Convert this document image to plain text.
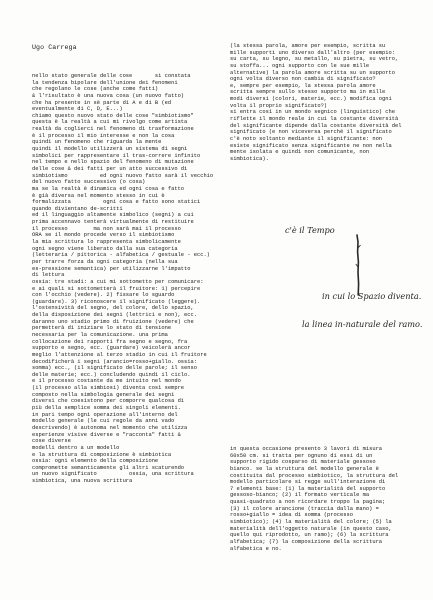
Ugo Carrega
nello stato generale delle cose       si constata
la tendenza bipolare dell'unione dei fenomeni
che regolano le cose (anche come fatti)
& l'risultato è una nuova cosa (un nuovo fatto)
che ha presente in sè parte di A e di B (ed
eventualmente di C, D, E...)
chiamo questo nuovo stato delle cose "simbiotismo"
questa è la realtà a cui mi rivolgo come artista
realtà da coglierci nel fenomeno di trasformazione
è il processo il mio interesse e non la cosa
quindi un fenomeno che riguarda la mente
quindi il modello utilizzerà un sistema di segni
simbolici per rappresentare il tras-correre infinito
nel tempo e nello spazio del fenomeno di mutazione
delle cose & dei fatti per un atto successivo di
simbiotismo          ed ogni nuovo fatto sarà il vecchio
del nuovo fatto successivo (o cosa)
ma se la realtà è dinamica ed ogni cosa e fatto
è già diversa nel momento stesso in cui è
formalizzata          ogni cosa e fatto sono statici
quando divientano de-scritti
ed il linguaggio altamente simbolico (segni) a cui
prima accennavo tenterà virtualmente di restituire
il processo        ma non sarà mai il processo
ORA se il mondo procede verso il simbiotismo
la mia scrittura lo rappresenta simbolicamente
ogni segno viene liberato dalla sua categoria
(letteraria / pittorica - alfabetica / gestuale - ecc.)
per trarre forza da ogni categoria (nella sua
es-pressione semantica) per utilizzarne l'impatto
di lettura
ossia: tre stadi: a cui mi sottometto per comunicare:
e ai quali si sottometterà il fruitore: 1) percepire
con l'occhio (vedere). 2) fissare lo sguardo
(guardare). 3) riconoscere il significato (leggere).
l'ostensività del segno, del colore, dello spazio,
della disposizione dei segni (lettrici e non), ecc.
daranno uno stadio primo di fruizione (vedere) che
permetterà di iniziare lo stato di tensione
necessaria per la comunicazione. una prima
collocazione dei rapporti fra segno e segno, fra
supporto e segno, ecc. (guardare) veicolerà ancor
meglio l'attenzione al terzo stadio in cui il fruitore
decodificherà i segni (arancio=rosso+giallo. ossia:
somma) ecc., (il significato delle parole; il senso
delle materie; ecc.) concludendo quindi il ciclo.
e il processo costante da me intuito nel mondo
(il processo alla simbiosi) diventa così sempre
composto nella simbologia generale dei segni
diversi che coesistono per comporre qualcosa di
più della semplice somma dei singoli elementi.
in pari tempo ogni operazione all'interno del
modello generale (le cui regole da anni vado
descrivendo) è autonoma nel momento che utilizza
esperienze visive diverse e "racconta" fatti &
cose diverse
modelli dentro a un modello
e la struttura di composizione è simbiotica
ossia: ogni elemento della composizione
compromette semanticamente gli altri scaturendo
un nuovo significato          ossia, una scrittura
simbiotica, una nuova scrittura
(la stessa parola, amore per esempio, scritta su
mille supporti uno diverso dall'altro (per esempio:
su carta, su legno, su metallo, su pietra, su vetro,
su stoffa... ogni supporto con le sue mille
alternative) la parola amore scritta su un supporto
ogni volta diverso non cambia di significato?
e, sempre per esempio, la stessa parola amore
scritta sempre sullo stesso supporto ma in mille
modi diversi (colori, materie, ecc.) modifica ogni
volta il proprio significato?)
si entra così in un mondo segnico (linguistico) che
riflette il mondo reale in cui la costante diversità
del significante dipende dalla costante diversità del
significato (e non viceversa perché il significato
c'è noto soltanto mediante il significante: non
esiste significato senza significante ne non nella
mente isolata e quindi non comunicante, non
simbiotica).
c'è il Tempo
in cui lo Spazio diventa.
la linea in-naturale del ramo.
in questa occasione presento 3 lavori di misura
60x50 cm. si tratta per ognuno di essi di un
supporto rigido cosparso di materiale gessoso
bianco. se la struttura del modello generale è
costituita dal processo simbiotico, la struttura del
modello particolare si regge sull'interazione di
7 elementi base: (1) la materialità del supporto
gessoso-bianco; (2) il formato verticale ma
quasi-quadrato a non ricordare troppo la pagina;
(3) il colore arancione (traccia dalla mano) =
rosso+giallo = idea di somma (processo
simbiotico); (4) la materialità del colore; (5) la
materialità dell'oggetto naturale (in questo caso,
quello qui riprodotto, un ramo); (6) la scrittura
alfabetica; (7) la composizione della scrittura
alfabetica e no.
